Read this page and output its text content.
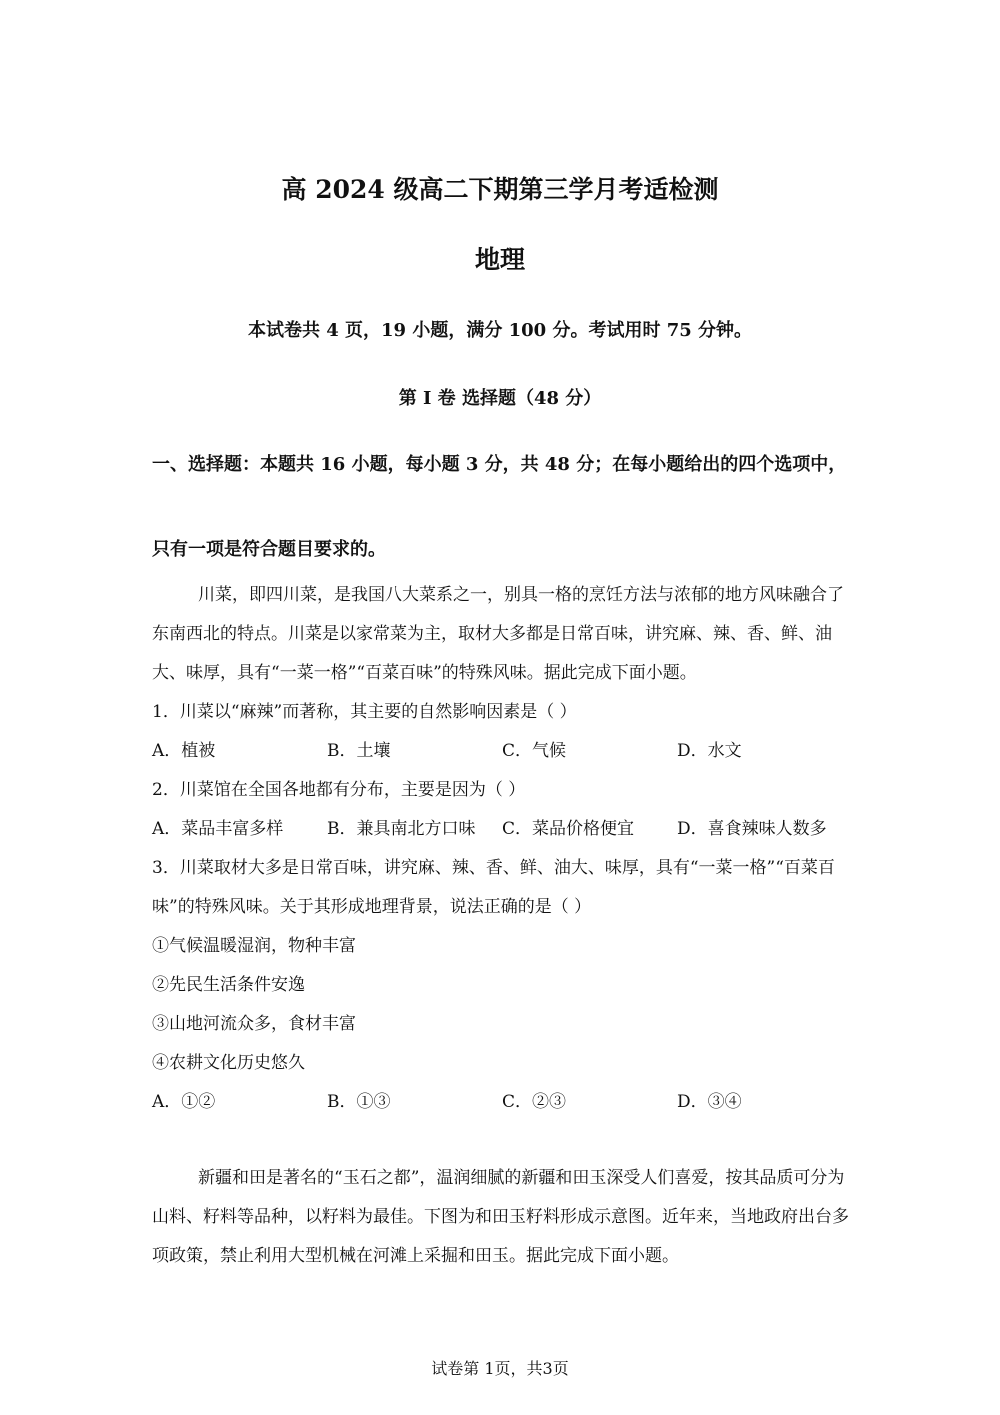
高 2024 级高二下期第三学月考适检测
地理
本试卷共 4 页，19 小题，满分 100 分。考试用时 75 分钟。
第 I 卷 选择题（48 分）
一、选择题：本题共 16 小题，每小题 3 分，共 48 分；在每小题给出的四个选项中，只有一项是符合题目要求的。
川菜，即四川菜，是我国八大菜系之一，别具一格的烹饪方法与浓郁的地方风味融合了东南西北的特点。川菜是以家常菜为主，取材大多都是日常百味，讲究麻、辣、香、鲜、油大、味厚，具有“一菜一格”“百菜百味”的特殊风味。据此完成下面小题。
1．川菜以“麻辣”而著称，其主要的自然影响因素是（ ）
A．植被	B．土壤	C．气候	D．水文
2．川菜馆在全国各地都有分布，主要是因为（ ）
A．菜品丰富多样	B．兼具南北方口味	C．菜品价格便宜	D．喜食辣味人数多
3．川菜取材大多是日常百味，讲究麻、辣、香、鲜、油大、味厚，具有“一菜一格”“百菜百味”的特殊风味。关于其形成地理背景，说法正确的是（ ）
①气候温暖湿润，物种丰富
②先民生活条件安逸
③山地河流众多，食材丰富
④农耕文化历史悠久
A．①②	B．①③	C．②③	D．③④
新疆和田是著名的“玉石之都”，温润细腻的新疆和田玉深受人们喜爱，按其品质可分为山料、籽料等品种，以籽料为最佳。下图为和田玉籽料形成示意图。近年来，当地政府出台多项政策，禁止利用大型机械在河滩上采掘和田玉。据此完成下面小题。
试卷第 1页，共3页
